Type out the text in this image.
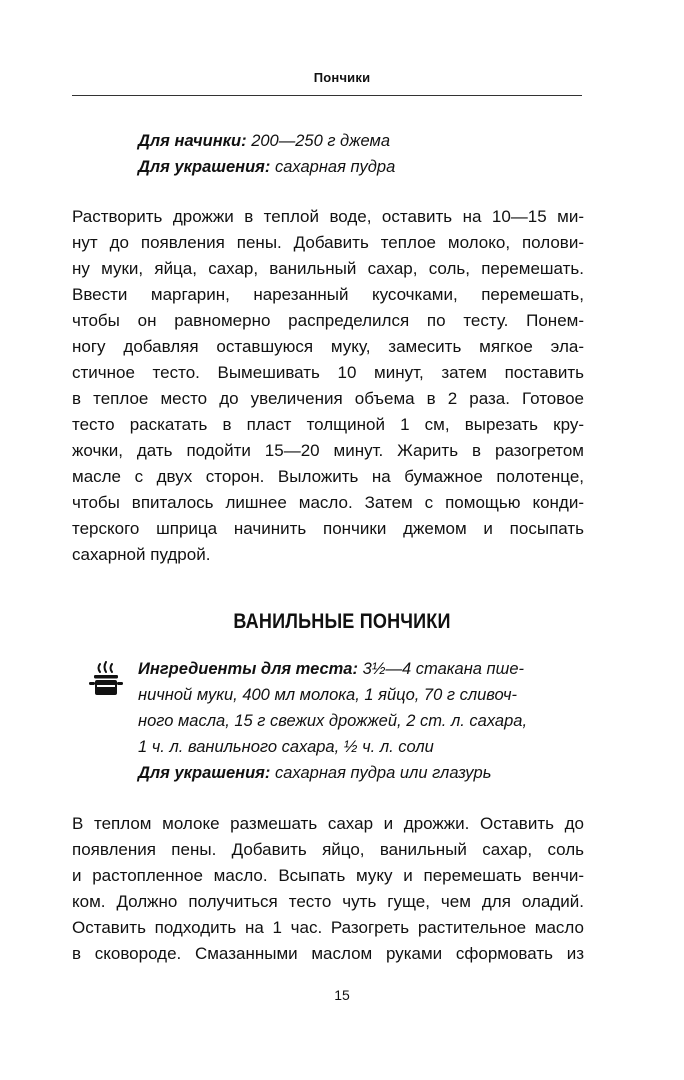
Пончики

Для начинки: 200—250 г джема

Для украшения: сахарная пудра

Растворить дрожжи в теплой воде, оставить на 10—15 ми-

нут до появления пены. Добавить теплое молоко, полови-

ну муки, яйца, сахар, ванильный сахар, соль, перемешать.

Ввести маргарин, нарезанный кусочками, перемешать,

чтобы он равномерно распределился по тесту. Понем-

ногу добавляя оставшуюся муку, замесить мягкое эла-

стичное тесто. Вымешивать 10 минут, затем поставить

в теплое место до увеличения объема в 2 раза. Готовое

тесто раскатать в пласт толщиной 1 см, вырезать кру-

жочки, дать подойти 15—20 минут. Жарить в разогретом

масле с двух сторон. Выложить на бумажное полотенце,

чтобы впиталось лишнее масло. Затем с помощью конди-

терского шприца начинить пончики джемом и посыпать

сахарной пудрой.

ВАНИЛЬНЫЕ ПОНЧИКИ

Ингредиенты для теста: 3½—4 стакана пше-

ничной муки, 400 мл молока, 1 яйцо, 70 г сливоч-

ного масла, 15 г свежих дрожжей, 2 ст. л. сахара,

1 ч. л. ванильного сахара, ½ ч. л. соли

Для украшения: сахарная пудра или глазурь

В теплом молоке размешать сахар и дрожжи. Оставить до

появления пены. Добавить яйцо, ванильный сахар, соль

и растопленное масло. Всыпать муку и перемешать венчи-

ком. Должно получиться тесто чуть гуще, чем для оладий.

Оставить подходить на 1 час. Разогреть растительное масло

в сковороде. Смазанными маслом руками сформовать из

15
